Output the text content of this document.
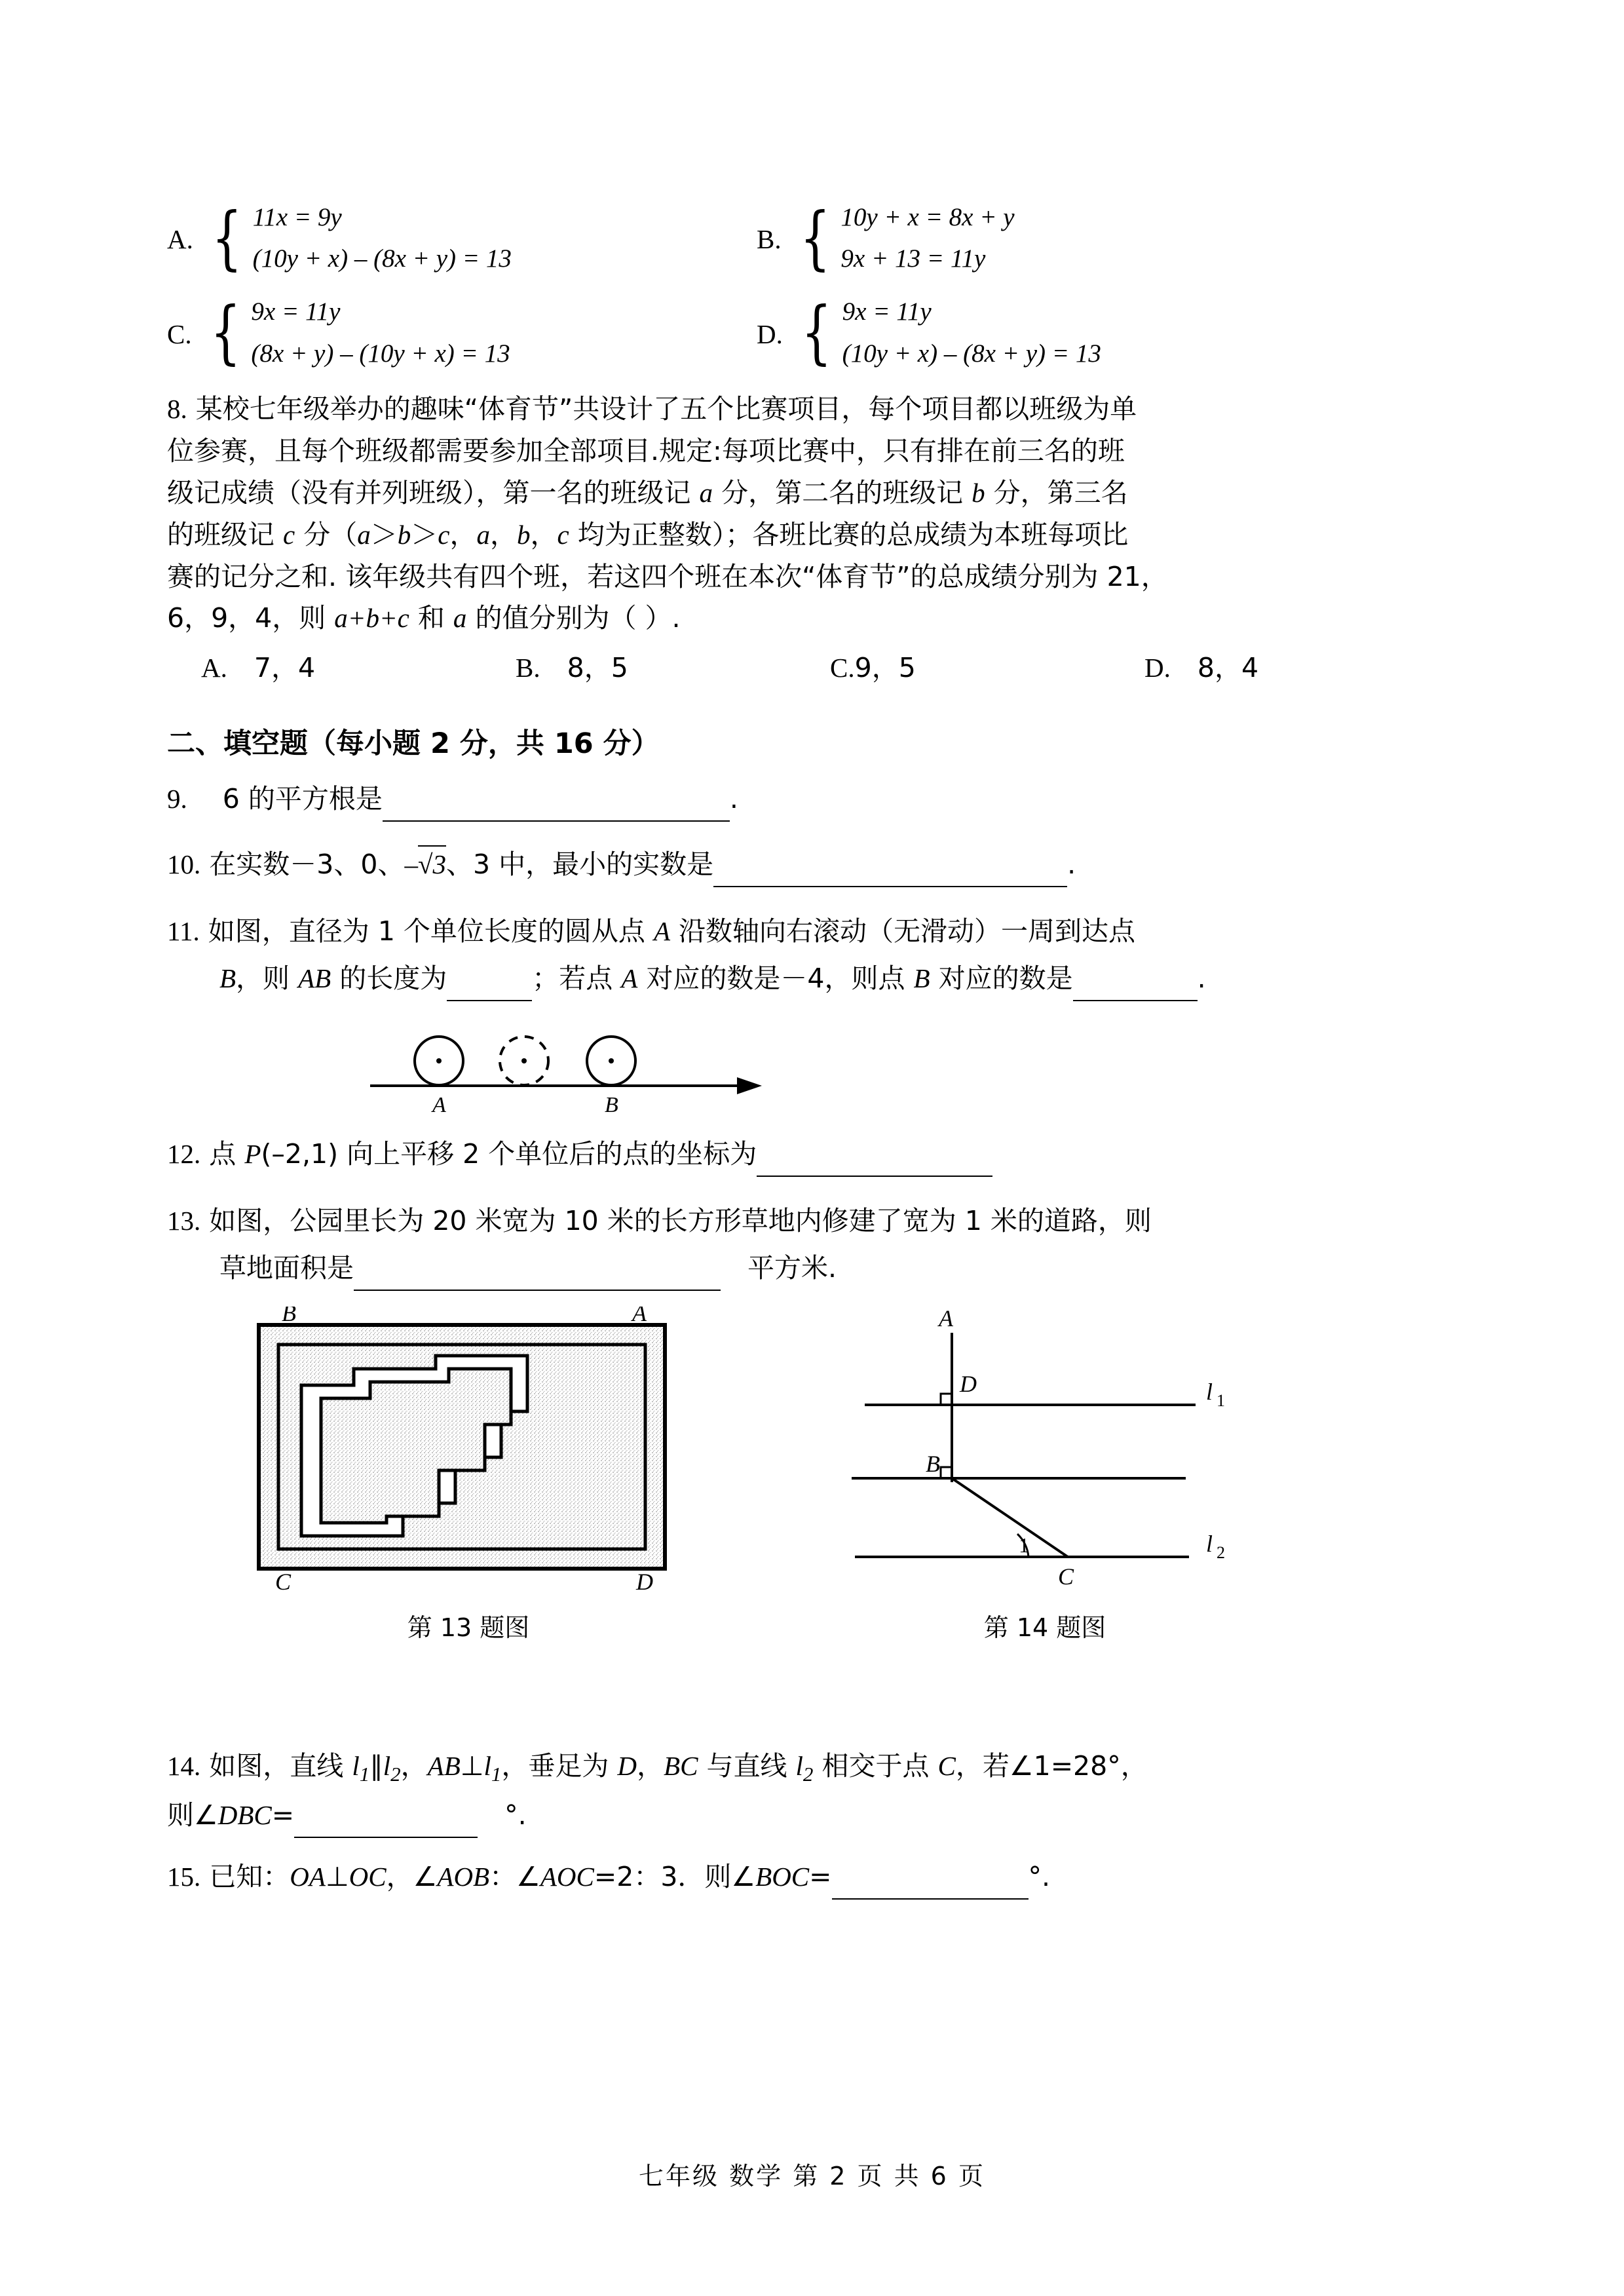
A. { 11x = 9y
(10y + x) – (8x + y) = 13
B. { 10y + x = 8x + y
9x + 13 = 11y
C. { 9x = 11y
(8x + y) – (10y + x) = 13
D. { 9x = 11y
(10y + x) – (8x + y) = 13
8. 某校七年级举办的趣味“体育节”共设计了五个比赛项目，每个项目都以班级为单
位参赛，且每个班级都需要参加全部项目.规定:每项比赛中，只有排在前三名的班
级记成绩（没有并列班级），第一名的班级记 a 分，第二名的班级记 b 分，第三名
的班级记 c 分（a＞b＞c，a，b，c 均为正整数）；各班比赛的总成绩为本班每项比
赛的记分之和. 该年级共有四个班，若这四个班在本次“体育节”的总成绩分别为 21，
6，9，4，则 a+b+c 和 a 的值分别为（ ）.
A.　 7，4	B.　 8，5	C.9，5	D.　 8，4
二、填空题（每小题 2 分，共 16 分）
9.　 6 的平方根是	.
10. 在实数－3、0、–√
3、3 中，最小的实数是	.
11. 如图，直径为 1 个单位长度的圆从点 A 沿数轴向右滚动（无滑动）一周到达点
B，则 AB 的长度为	；若点 A 对应的数是－4，则点 B 对应的数是	.
A	B
12. 点 P(–2,1) 向上平移 2 个单位后的点的坐标为
13. 如图，公园里长为 20 米宽为 10 米的长方形草地内修建了宽为 1 米的道路，则
草地面积是 　	平方米.
B	A
C	D
第 13 题图
A
D
B
C
1
l 1
l 2
第 14 题图
14. 如图，直线 $l_1\parallel l_2$，$AB\perp l_1$，垂足为 D，BC 与直线 $l_2$ 相交于点 C，若∠1=28°，
则∠DBC= 　	°.
15. 已知：OA⊥OC，∠AOB：∠AOC=2：3．则∠BOC=	°.
七年级 数学 第 2 页 共 6 页
